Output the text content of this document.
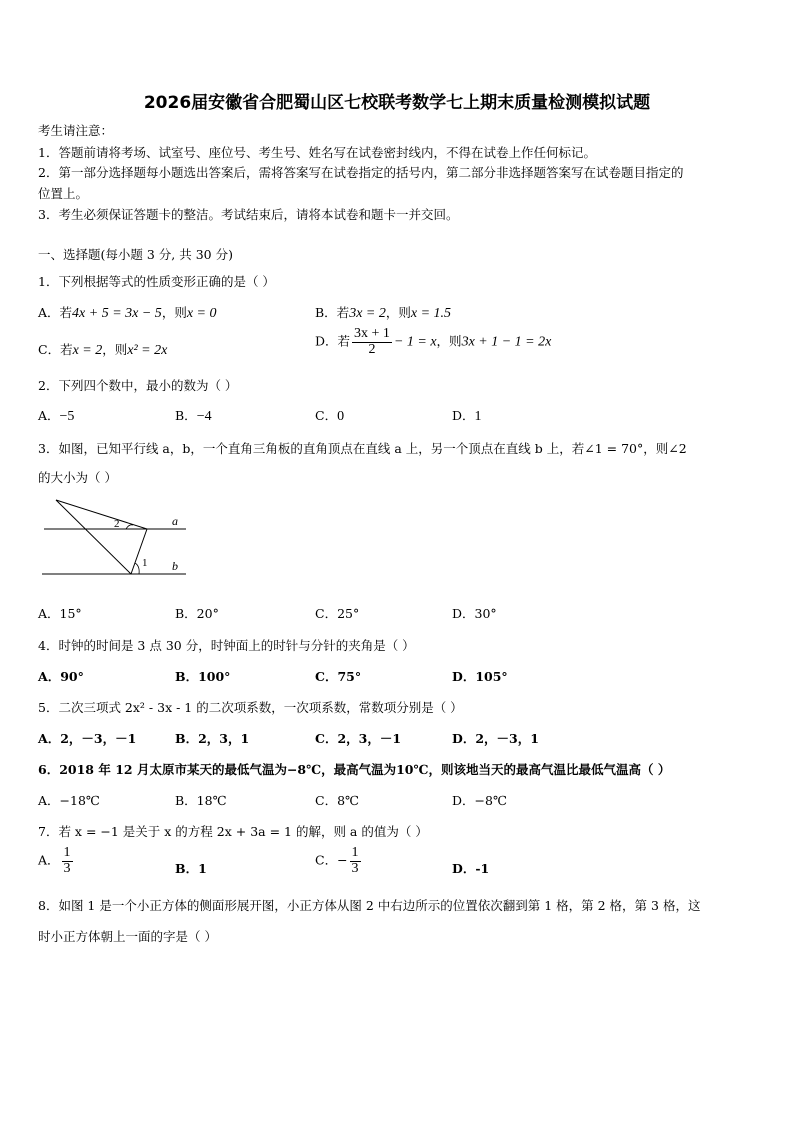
2026届安徽省合肥蜀山区七校联考数学七上期末质量检测模拟试题
考生请注意：
1．答题前请将考场、试室号、座位号、考生号、姓名写在试卷密封线内，不得在试卷上作任何标记。
2．第一部分选择题每小题选出答案后，需将答案写在试卷指定的括号内，第二部分非选择题答案写在试卷题目指定的
位置上。
3．考生必须保证答题卡的整洁。考试结束后，请将本试卷和题卡一并交回。
一、选择题(每小题 3 分, 共 30 分)
1．下列根据等式的性质变形正确的是（ ）
A．若4x + 5 = 3x − 5，则x = 0	B．若3x = 2，则x = 1.5
C．若x = 2，则x² = 2x
D．若 $\frac{3x + 1}{2} - 1 = x$，则3x + 1 − 1 = 2x
2．下列四个数中，最小的数为（ ）
A．−5	B．−4	C．0	D．1
3．如图，已知平行线 a，b，一个直角三角板的直角顶点在直线 a 上，另一个顶点在直线 b 上，若∠1 = 70°，则∠2
的大小为（ ）
a
b
1
2
A．15°	B．20°	C．25°	D．30°
4．时钟的时间是 3 点 30 分，时钟面上的时针与分针的夹角是（ ）
A．90°	B．100°	C．75°	D．105°
5．二次三项式 2x² - 3x - 1 的二次项系数，一次项系数，常数项分别是（ ）
A．2，－3，－1	B．2，3，1	C．2，3，－1	D．2，－3，1
6．2018 年 12 月太原市某天的最低气温为−8℃，最高气温为10℃，则该地当天的最高气温比最低气温高（ ）
A．−18℃	B．18℃	C．8℃	D．−8℃
7．若 x = −1 是关于 x 的方程 2x + 3a = 1 的解，则 a 的值为（ ）
A． $\frac{1}{3}$	B．1
C．− $\frac{1}{3}$	D．-1
8．如图 1 是一个小正方体的侧面形展开图，小正方体从图 2 中右边所示的位置依次翻到第 1 格，第 2 格，第 3 格，这
时小正方体朝上一面的字是（ ）
